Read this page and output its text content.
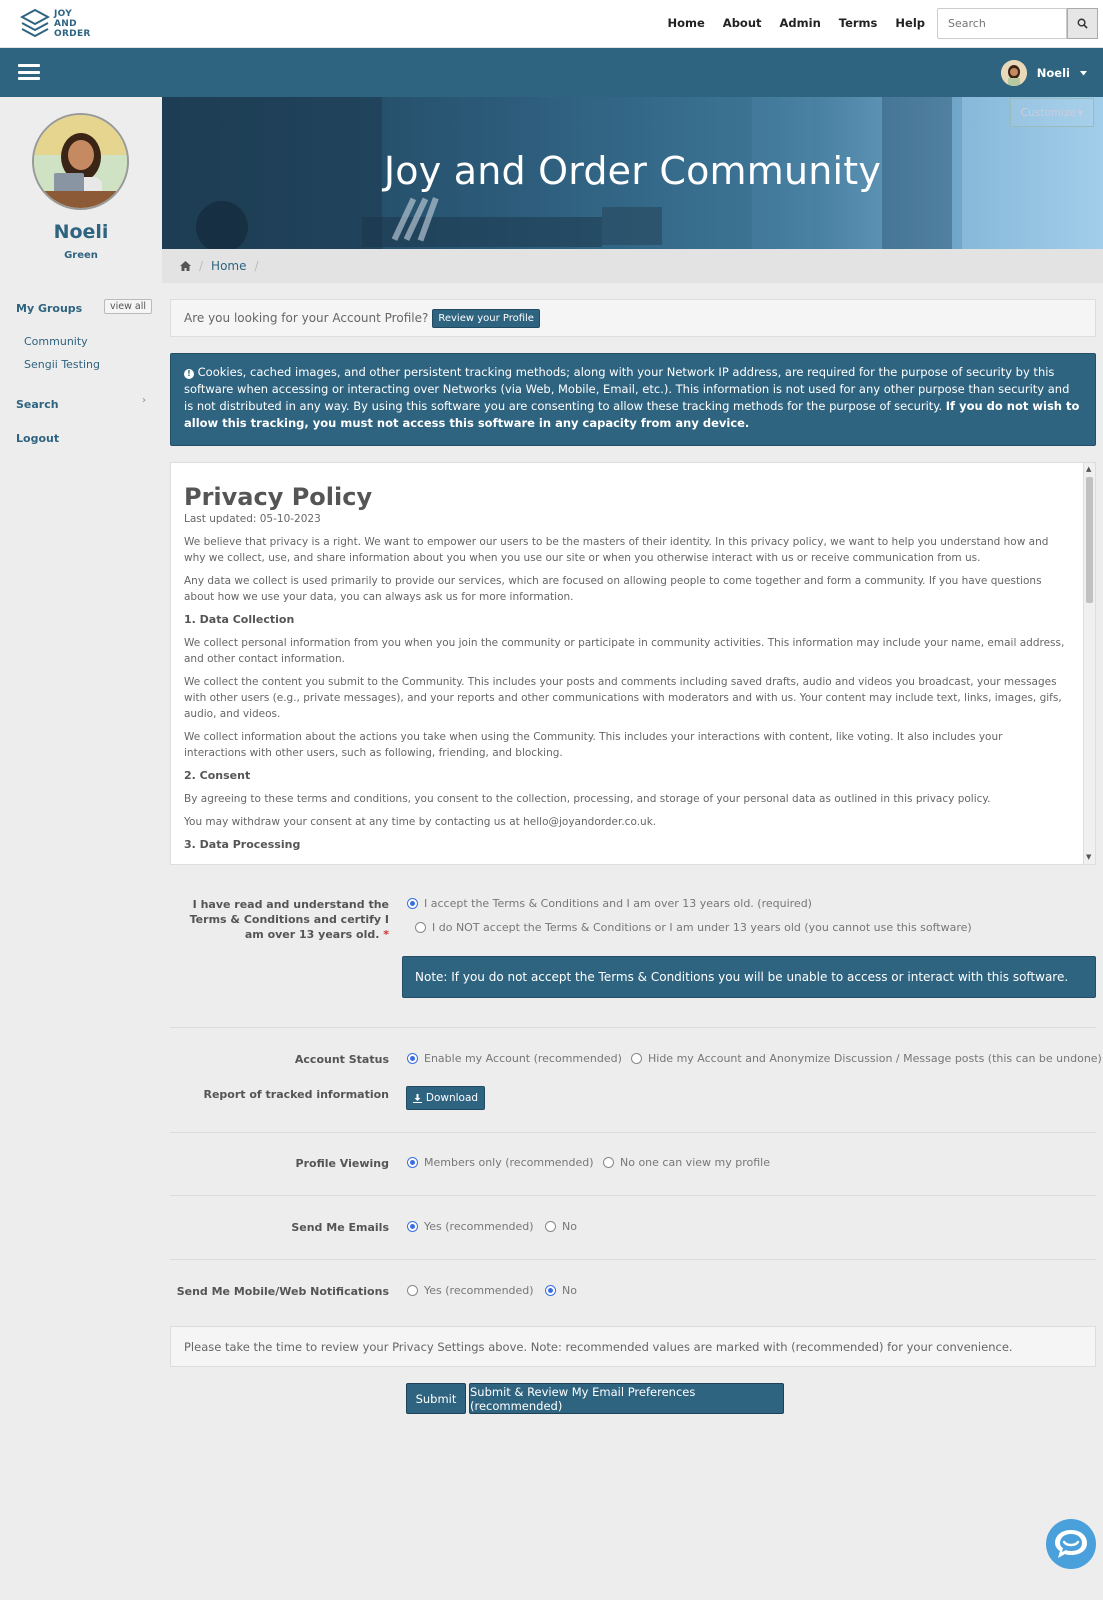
JOY
AND
ORDER
Home About Admin Terms Help
Search
Noeli
Noeli
Green
My Groups	view all
Community
Sengii Testing
Search	›
Logout
Joy and Order Community
Customize ▾
/ Home /
Are you looking for your Account Profile?	Review your Profile
! Cookies, cached images, and other persistent tracking methods; along with your Network IP address, are required for the purpose of security by this software when accessing or interacting over Networks (via Web, Mobile, Email, etc.). This information is not used for any other purpose than security and is not distributed in any way. By using this software you are consenting to allow these tracking methods for the purpose of security. If you do not wish to allow this tracking, you must not access this software in any capacity from any device.
Privacy Policy

Last updated: 05-10-2023

We believe that privacy is a right. We want to empower our users to be the masters of their identity. In this privacy policy, we want to help you understand how and why we collect, use, and share information about you when you use our site or when you otherwise interact with us or receive communication from us.

Any data we collect is used primarily to provide our services, which are focused on allowing people to come together and form a community. If you have questions about how we use your data, you can always ask us for more information.

1. Data Collection

We collect personal information from you when you join the community or participate in community activities. This information may include your name, email address, and other contact information.

We collect the content you submit to the Community. This includes your posts and comments including saved drafts, audio and videos you broadcast, your messages with other users (e.g., private messages), and your reports and other communications with moderators and with us. Your content may include text, links, images, gifs, audio, and videos.

We collect information about the actions you take when using the Community. This includes your interactions with content, like voting. It also includes your interactions with other users, such as following, friending, and blocking.

2. Consent

By agreeing to these terms and conditions, you consent to the collection, processing, and storage of your personal data as outlined in this privacy policy.

You may withdraw your consent at any time by contacting us at hello@joyandorder.co.uk.

3. Data Processing
▲
▼
I have read and understand the Terms & Conditions and certify I am over 13 years old. *
I accept the Terms & Conditions and I am over 13 years old. (required)
I do NOT accept the Terms & Conditions or I am under 13 years old (you cannot use this software)
Note: If you do not accept the Terms & Conditions you will be unable to access or interact with this software.
Account Status	Enable my Account (recommended) Hide my Account and Anonymize Discussion / Message posts (this can be undone)
Report of tracked information	Download
Profile Viewing	Members only (recommended) No one can view my profile
Send Me Emails	Yes (recommended)	No
Send Me Mobile/Web Notifications	Yes (recommended)	No
Please take the time to review your Privacy Settings above. Note: recommended values are marked with (recommended) for your convenience.
Submit	Submit & Review My Email Preferences (recommended)
